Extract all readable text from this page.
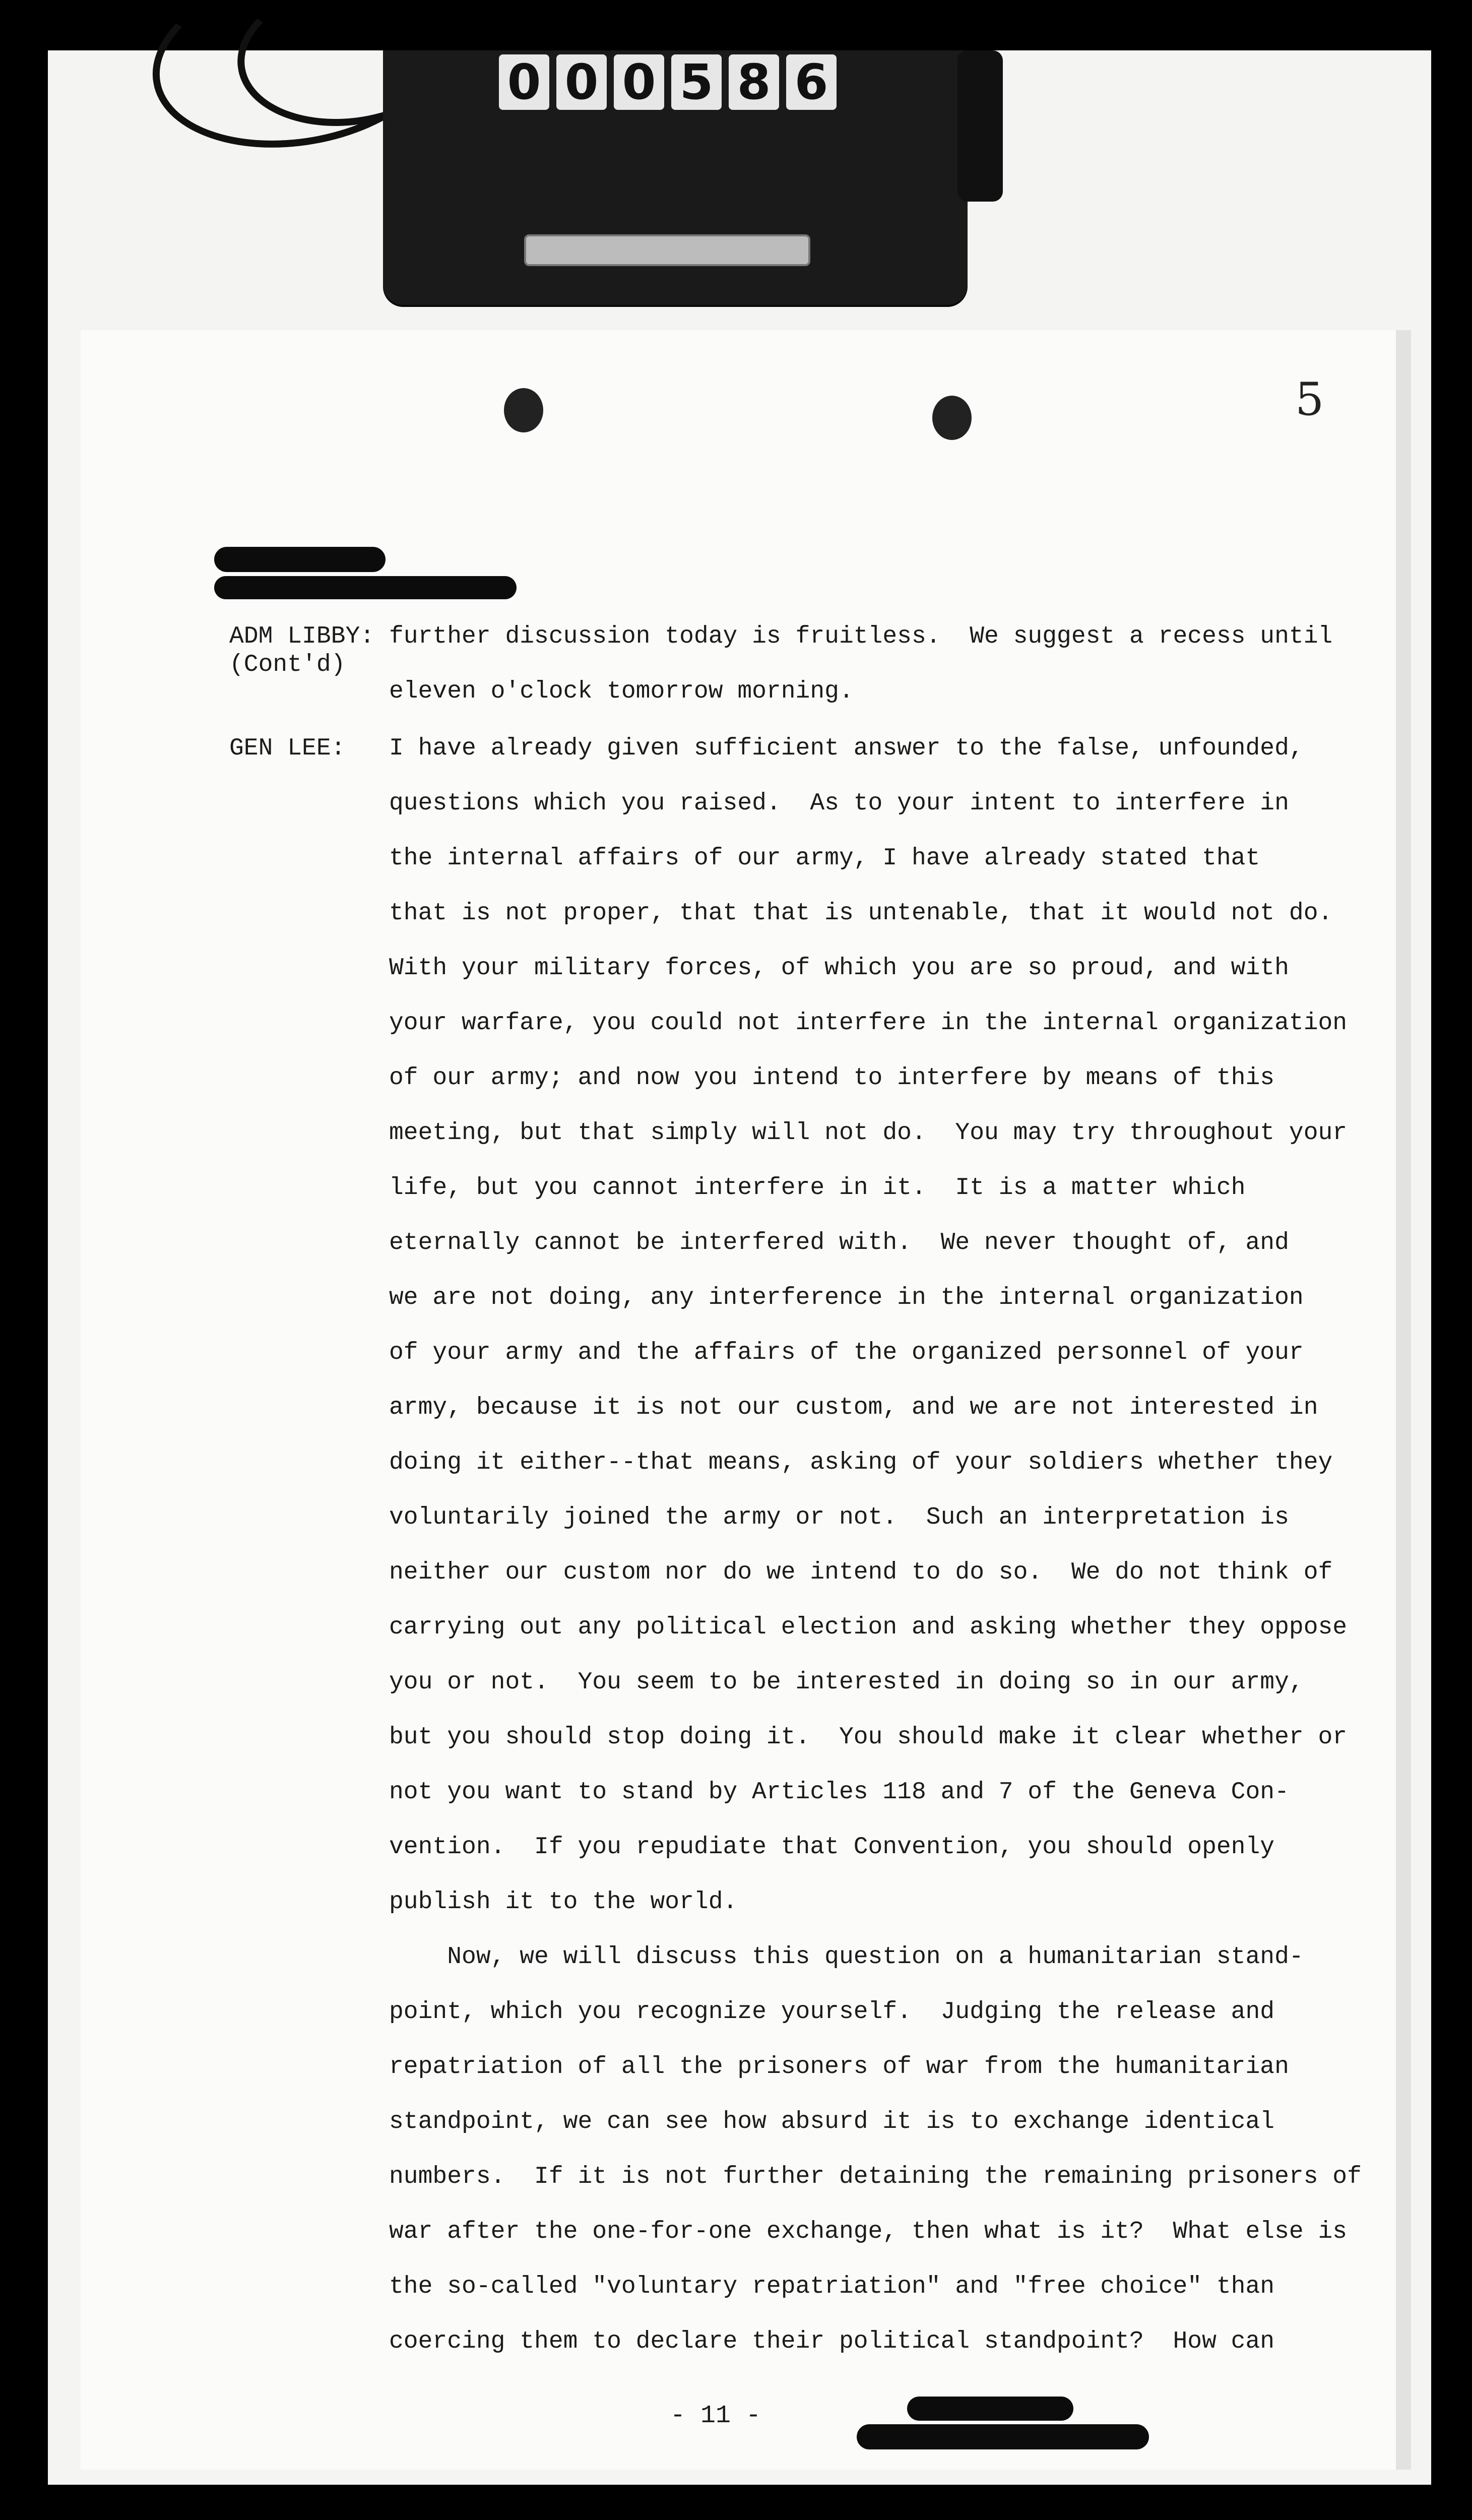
0 0 0 5 8 6
5
ADM LIBBY:
(Cont'd)
further discussion today is fruitless.  We suggest a recess until
eleven o'clock tomorrow morning.
GEN LEE:	I have already given sufficient answer to the false, unfounded,
questions which you raised.  As to your intent to interfere in
the internal affairs of our army, I have already stated that
that is not proper, that that is untenable, that it would not do.
With your military forces, of which you are so proud, and with
your warfare, you could not interfere in the internal organization
of our army; and now you intend to interfere by means of this
meeting, but that simply will not do.  You may try throughout your
life, but you cannot interfere in it.  It is a matter which
eternally cannot be interfered with.  We never thought of, and
we are not doing, any interference in the internal organization
of your army and the affairs of the organized personnel of your
army, because it is not our custom, and we are not interested in
doing it either--that means, asking of your soldiers whether they
voluntarily joined the army or not.  Such an interpretation is
neither our custom nor do we intend to do so.  We do not think of
carrying out any political election and asking whether they oppose
you or not.  You seem to be interested in doing so in our army,
but you should stop doing it.  You should make it clear whether or
not you want to stand by Articles 118 and 7 of the Geneva Con-
vention.  If you repudiate that Convention, you should openly
publish it to the world.
Now, we will discuss this question on a humanitarian stand-
point, which you recognize yourself.  Judging the release and
repatriation of all the prisoners of war from the humanitarian
standpoint, we can see how absurd it is to exchange identical
numbers.  If it is not further detaining the remaining prisoners of
war after the one-for-one exchange, then what is it?  What else is
the so-called "voluntary repatriation" and "free choice" than
coercing them to declare their political standpoint?  How can
- 11 -
